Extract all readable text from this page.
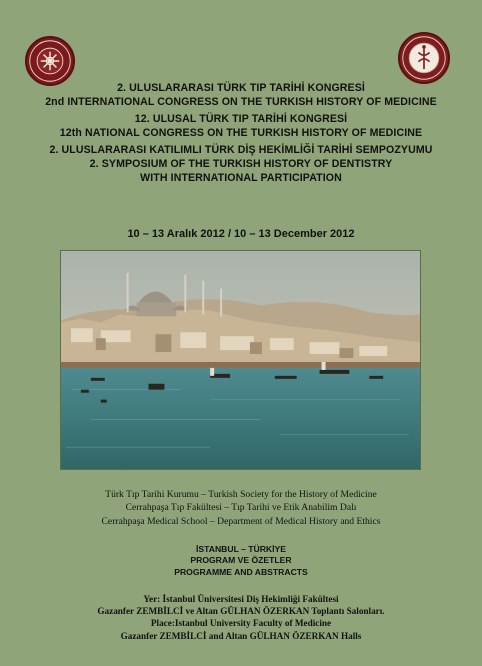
2. ULUSLARARASI TÜRK TIP TARİHİ KONGRESİ
2nd INTERNATIONAL CONGRESS ON THE TURKISH HISTORY OF MEDICINE
12. ULUSAL TÜRK TIP TARİHİ KONGRESİ
12th NATIONAL CONGRESS ON THE TURKISH HISTORY OF MEDICINE
2. ULUSLARARASI KATILIMLI TÜRK DİŞ HEKİMLİĞİ TARİHİ SEMPOZYUMU
2. SYMPOSIUM OF THE TURKISH HISTORY OF DENTISTRY
WITH INTERNATIONAL PARTICIPATION
10 – 13 Aralık 2012 / 10 – 13 December 2012
Türk Tıp Tarihi Kurumu – Turkish Society for the History of Medicine
Cerrahpaşa Tıp Fakültesi – Tıp Tarihi ve Etik Anabilim Dalı
Cerrahpaşa Medical School – Department of Medical History and Ethics
İSTANBUL – TÜRKİYE
PROGRAM VE ÖZETLER
PROGRAMME AND ABSTRACTS
Yer: İstanbul Üniversitesi Diş Hekimliği Fakültesi
Gazanfer ZEMBİLCİ ve Altan GÜLHAN ÖZERKAN Toplantı Salonları.
Place:Istanbul University Faculty of Medicine
Gazanfer ZEMBİLCİ and Altan GÜLHAN ÖZERKAN Halls
